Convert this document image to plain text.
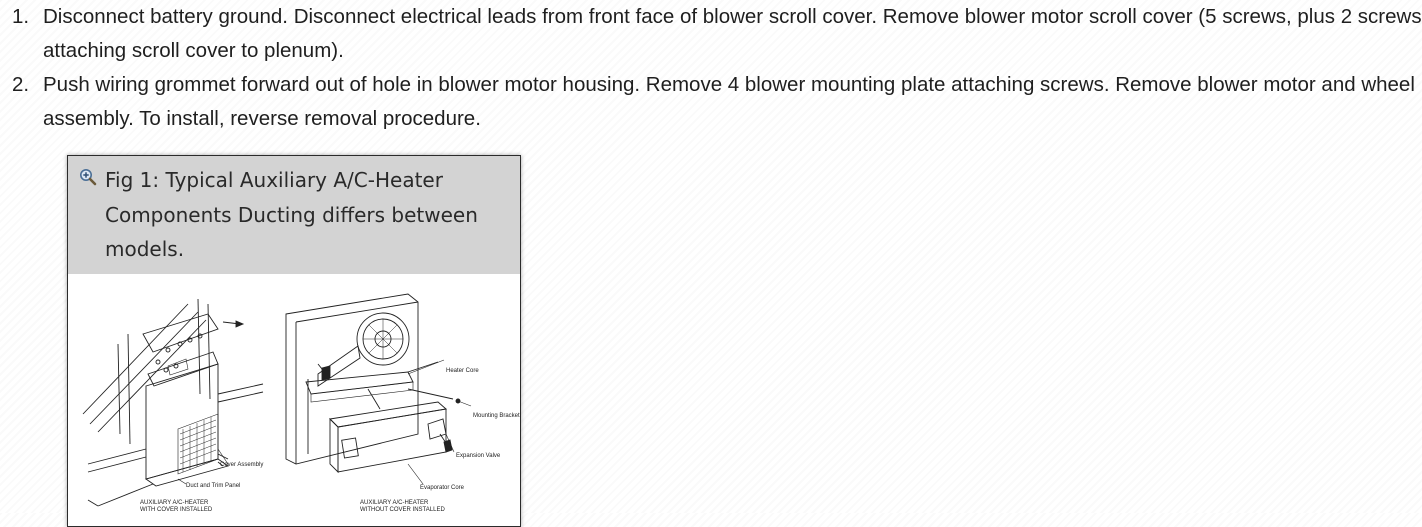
1. Disconnect battery ground. Disconnect electrical leads from front face of blower scroll cover. Remove blower motor scroll cover (5 screws, plus 2 screws attaching scroll cover to plenum).
2. Push wiring grommet forward out of hole in blower motor housing. Remove 4 blower mounting plate attaching screws. Remove blower motor and wheel assembly. To install, reverse removal procedure.
Fig 1: Typical Auxiliary A/C-Heater Components Ducting differs between models.
Heater Core
Mounting Bracket
Expansion Valve
Evaporator Core
Cover Assembly
Duct and Trim Panel
AUXILIARY A/C-HEATER
WITH COVER INSTALLED
AUXILIARY A/C-HEATER
WITHOUT COVER INSTALLED
